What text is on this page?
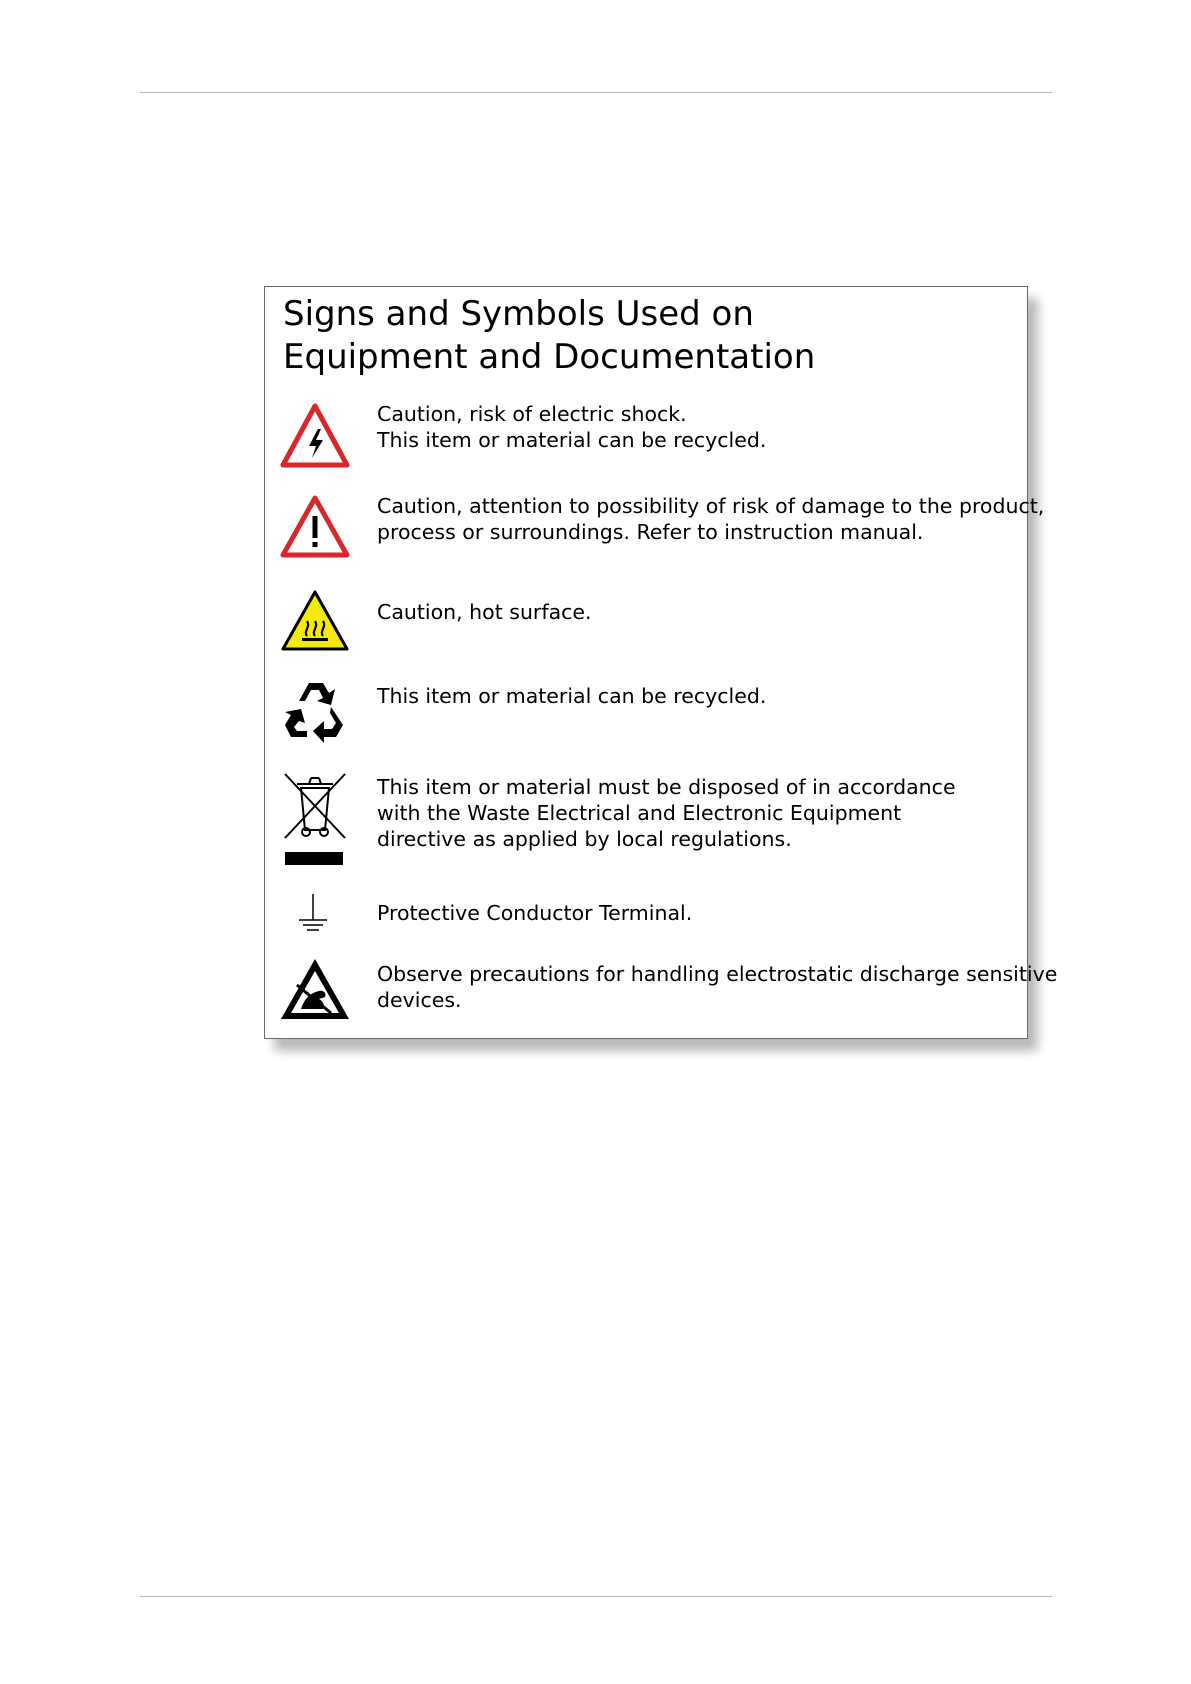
Signs and Symbols Used on
Equipment and Documentation
Caution, risk of electric shock.
This item or material can be recycled.
Caution, attention to possibility of risk of damage to the product,
process or surroundings. Refer to instruction manual.
Caution, hot surface.
This item or material can be recycled.
This item or material must be disposed of in accordance
with the Waste Electrical and Electronic Equipment
directive as applied by local regulations.
Protective Conductor Terminal.
Observe precautions for handling electrostatic discharge sensitive
devices.
